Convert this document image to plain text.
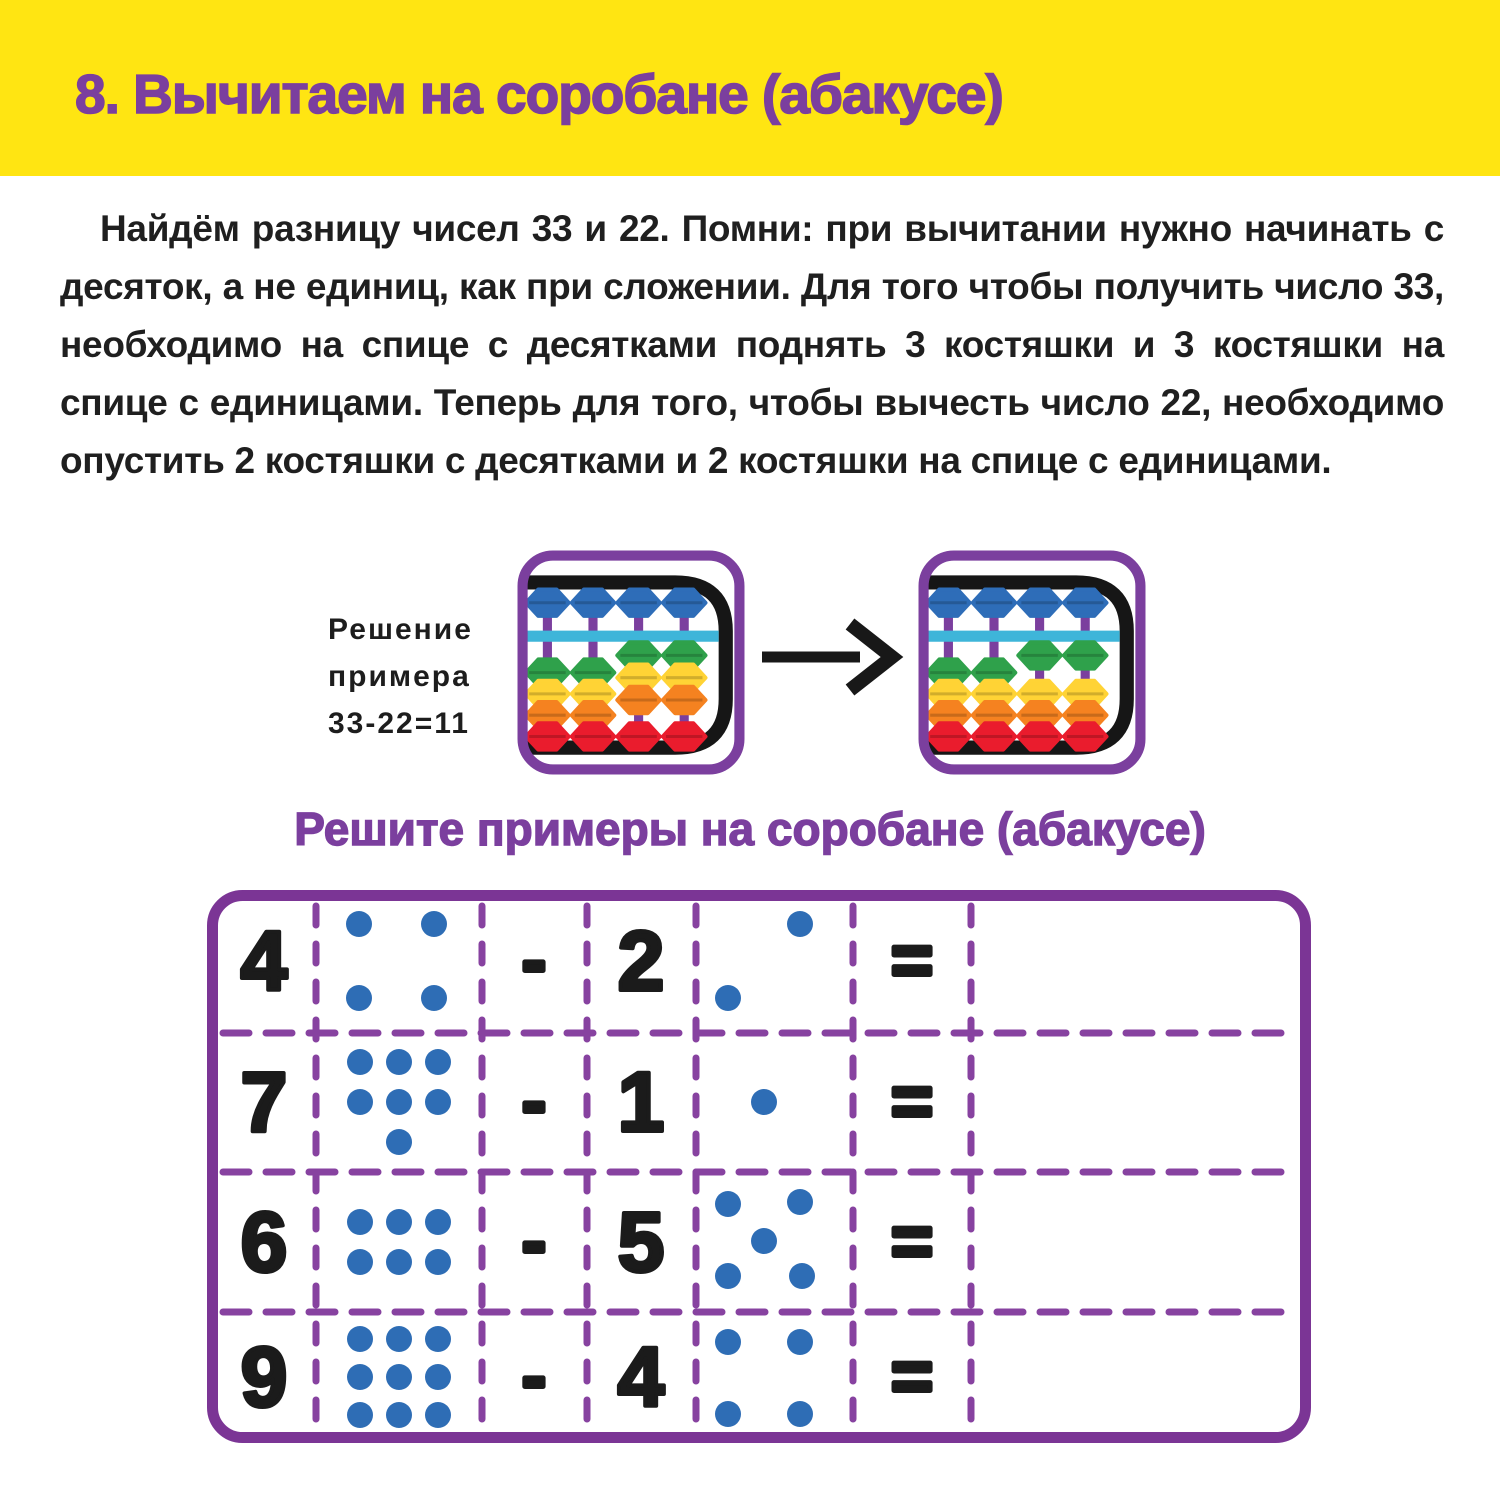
8. Вычитаем на соробане (абакусе)

Найдём разницу чисел 33 и 22. Помни: при вычитании нужно начинать с десяток, а не единиц, как при сложении. Для того чтобы получить число 33, необходимо на спице с десятками поднять 3 костяшки и 3 костяшки на спице с единицами. Теперь для того, чтобы вычесть число 22, необходимо опустить 2 костяшки с десятками и 2 костяшки на спице с единицами.

Решение
примера
33-22=11
Решите примеры на соробане (абакусе)
4	- 2	=
7	- 1	=
6	- 5	=
9	- 4	=
